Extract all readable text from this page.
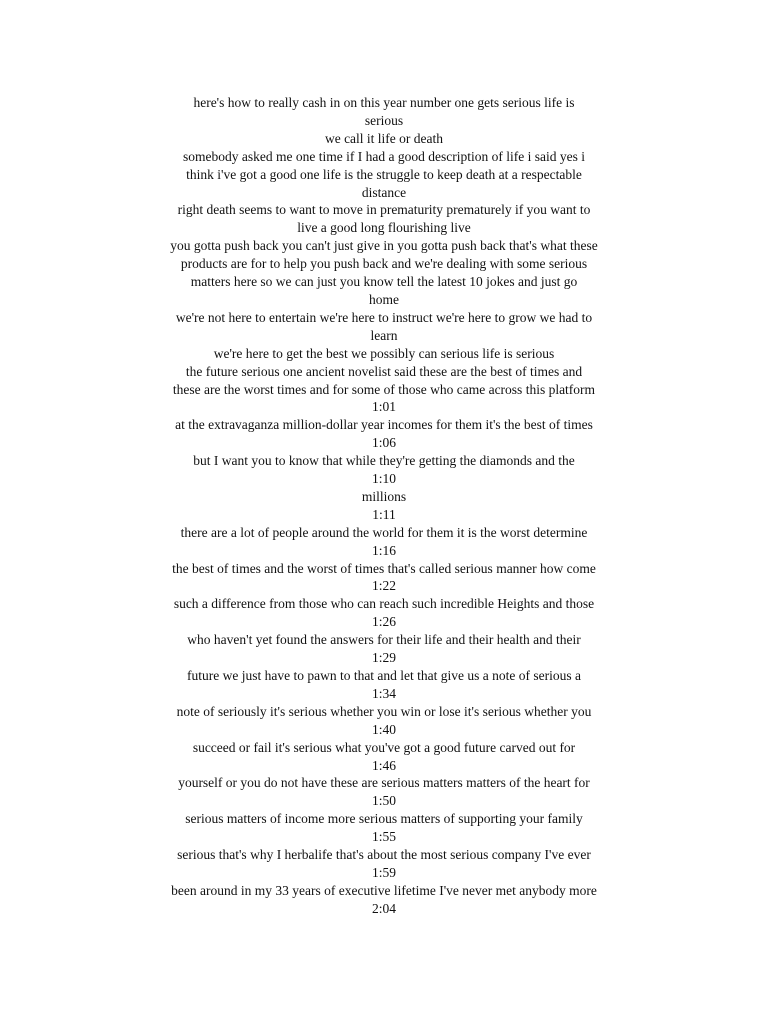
here's how to really cash in on this year number one gets serious life is
serious
we call it life or death
somebody asked me one time if I had a good description of life i said yes i
think i've got a good one life is the struggle to keep death at a respectable
distance
right death seems to want to move in prematurity prematurely if you want to
live a good long flourishing live
you gotta push back you can't just give in you gotta push back that's what these
products are for to help you push back and we're dealing with some serious
matters here so we can just you know tell the latest 10 jokes and just go
home
we're not here to entertain we're here to instruct we're here to grow we had to
learn
we're here to get the best we possibly can serious life is serious
the future serious one ancient novelist said these are the best of times and
these are the worst times and for some of those who came across this platform
1:01
at the extravaganza million-dollar year incomes for them it's the best of times
1:06
but I want you to know that while they're getting the diamonds and the
1:10
millions
1:11
there are a lot of people around the world for them it is the worst determine
1:16
the best of times and the worst of times that's called serious manner how come
1:22
such a difference from those who can reach such incredible Heights and those
1:26
who haven't yet found the answers for their life and their health and their
1:29
future we just have to pawn to that and let that give us a note of serious a
1:34
note of seriously it's serious whether you win or lose it's serious whether you
1:40
succeed or fail it's serious what you've got a good future carved out for
1:46
yourself or you do not have these are serious matters matters of the heart for
1:50
serious matters of income more serious matters of supporting your family
1:55
serious that's why I herbalife that's about the most serious company I've ever
1:59
been around in my 33 years of executive lifetime I've never met anybody more
2:04
